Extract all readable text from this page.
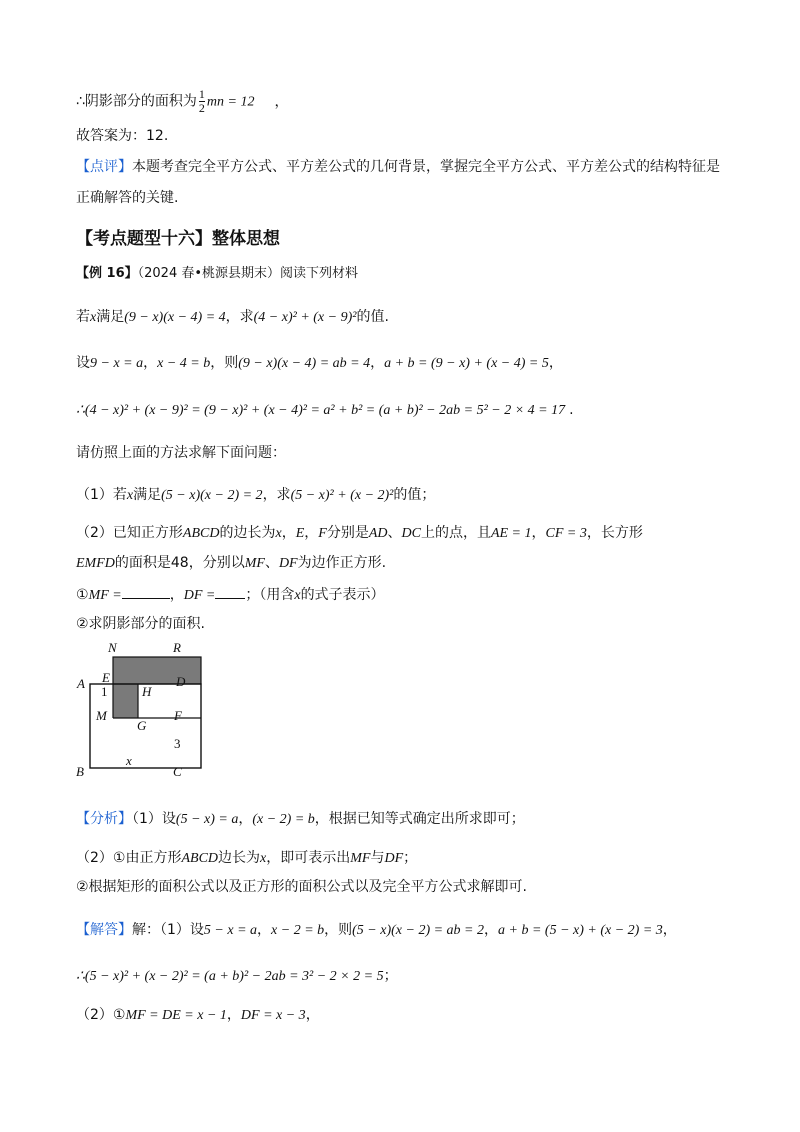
∴阴影部分的面积为 $\frac{1}{2}$ mn = 12 ，
故答案为：12.
【点评】本题考查完全平方公式、平方差公式的几何背景，掌握完全平方公式、平方差公式的结构特征是
正确解答的关键.
【考点题型十六】整体思想
【例 16】（2024 春•桃源县期末）阅读下列材料
若x满足(9 − x)(x − 4) = 4，求(4 − x)² + (x − 9)²的值.
设9 − x = a，x − 4 = b，则(9 − x)(x − 4) = ab = 4，a + b = (9 − x) + (x − 4) = 5，
∴(4 − x)² + (x − 9)² = (9 − x)² + (x − 4)² = a² + b² = (a + b)² − 2ab = 5² − 2 × 4 = 17 .
请仿照上面的方法求解下面问题：
（1）若x满足(5 − x)(x − 2) = 2，求(5 − x)² + (x − 2)²的值；
（2）已知正方形ABCD的边长为x，E，F分别是AD、DC上的点，且AE = 1，CF = 3，长方形
EMFD的面积是48，分别以MF、DF为边作正方形.
①MF =	，DF = ；（用含x的式子表示）
②求阴影部分的面积.
N	R
E	D
A
1	H
M	F
G
3
B
x
C
【分析】（1）设(5 − x) = a，(x − 2) = b，根据已知等式确定出所求即可；
（2）①由正方形ABCD边长为x，即可表示出MF与DF；
②根据矩形的面积公式以及正方形的面积公式以及完全平方公式求解即可.
【解答】解：（1）设5 − x = a，x − 2 = b，则(5 − x)(x − 2) = ab = 2，a + b = (5 − x) + (x − 2) = 3，
∴(5 − x)² + (x − 2)² = (a + b)² − 2ab = 3² − 2 × 2 = 5；
（2）①MF = DE = x − 1，DF = x − 3，
